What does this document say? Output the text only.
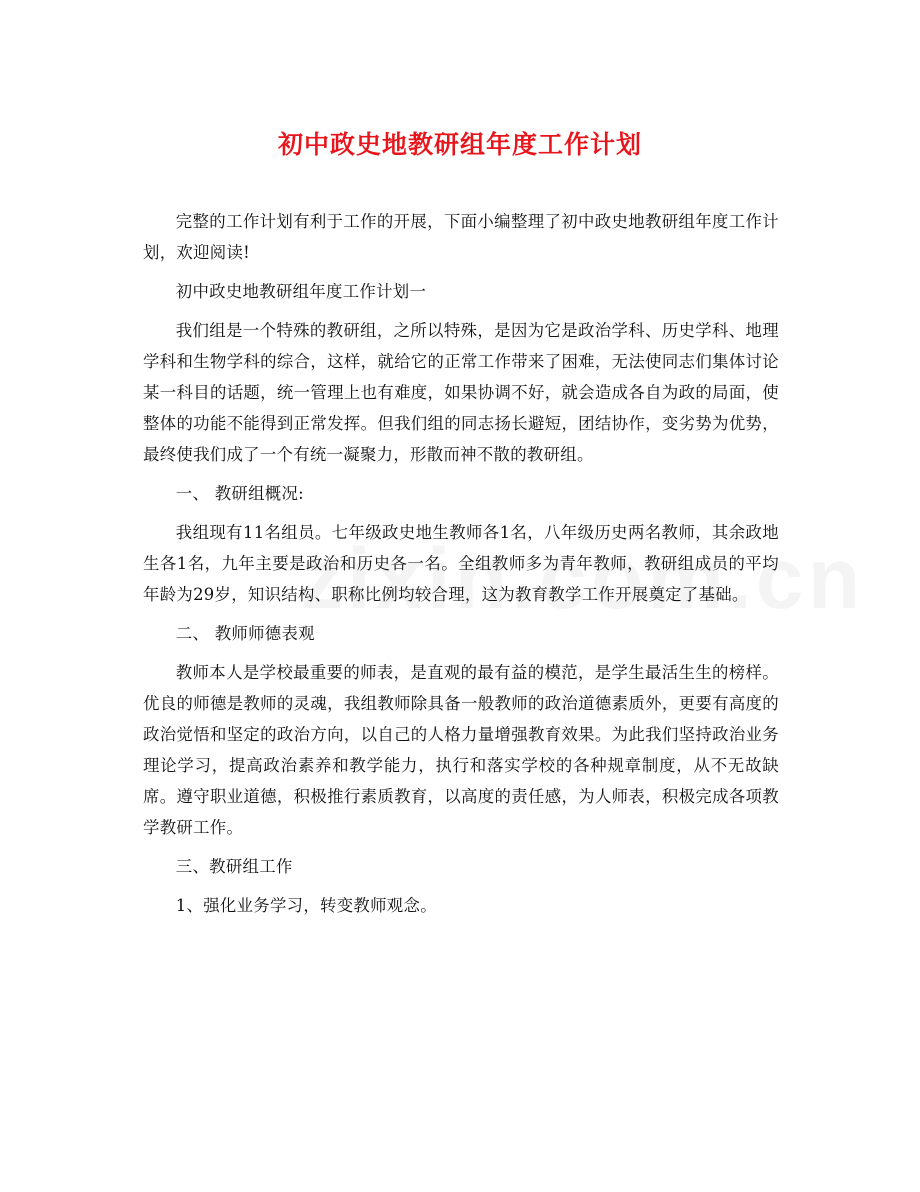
初中政史地教研组年度工作计划

完整的工作计划有利于工作的开展，下面小编整理了初中政史地教研组年度工作计划，欢迎阅读!

初中政史地教研组年度工作计划一

我们组是一个特殊的教研组，之所以特殊，是因为它是政治学科、历史学科、地理学科和生物学科的综合，这样，就给它的正常工作带来了困难，无法使同志们集体讨论某一科目的话题，统一管理上也有难度，如果协调不好，就会造成各自为政的局面，使整体的功能不能得到正常发挥。但我们组的同志扬长避短，团结协作，变劣势为优势，最终使我们成了一个有统一凝聚力，形散而神不散的教研组。

一、 教研组概况:

我组现有11名组员。七年级政史地生教师各1名，八年级历史两名教师，其余政地生各1名，九年主要是政治和历史各一名。全组教师多为青年教师，教研组成员的平均年龄为29岁，知识结构、职称比例均较合理，这为教育教学工作开展奠定了基础。

二、 教师师德表观

教师本人是学校最重要的师表，是直观的最有益的模范，是学生最活生生的榜样。优良的师德是教师的灵魂，我组教师除具备一般教师的政治道德素质外，更要有高度的政治觉悟和坚定的政治方向，以自己的人格力量增强教育效果。为此我们坚持政治业务理论学习，提高政治素养和教学能力，执行和落实学校的各种规章制度，从不无故缺席。遵守职业道德，积极推行素质教育，以高度的责任感，为人师表，积极完成各项教学教研工作。

三、教研组工作

1、强化业务学习，转变教师观念。
